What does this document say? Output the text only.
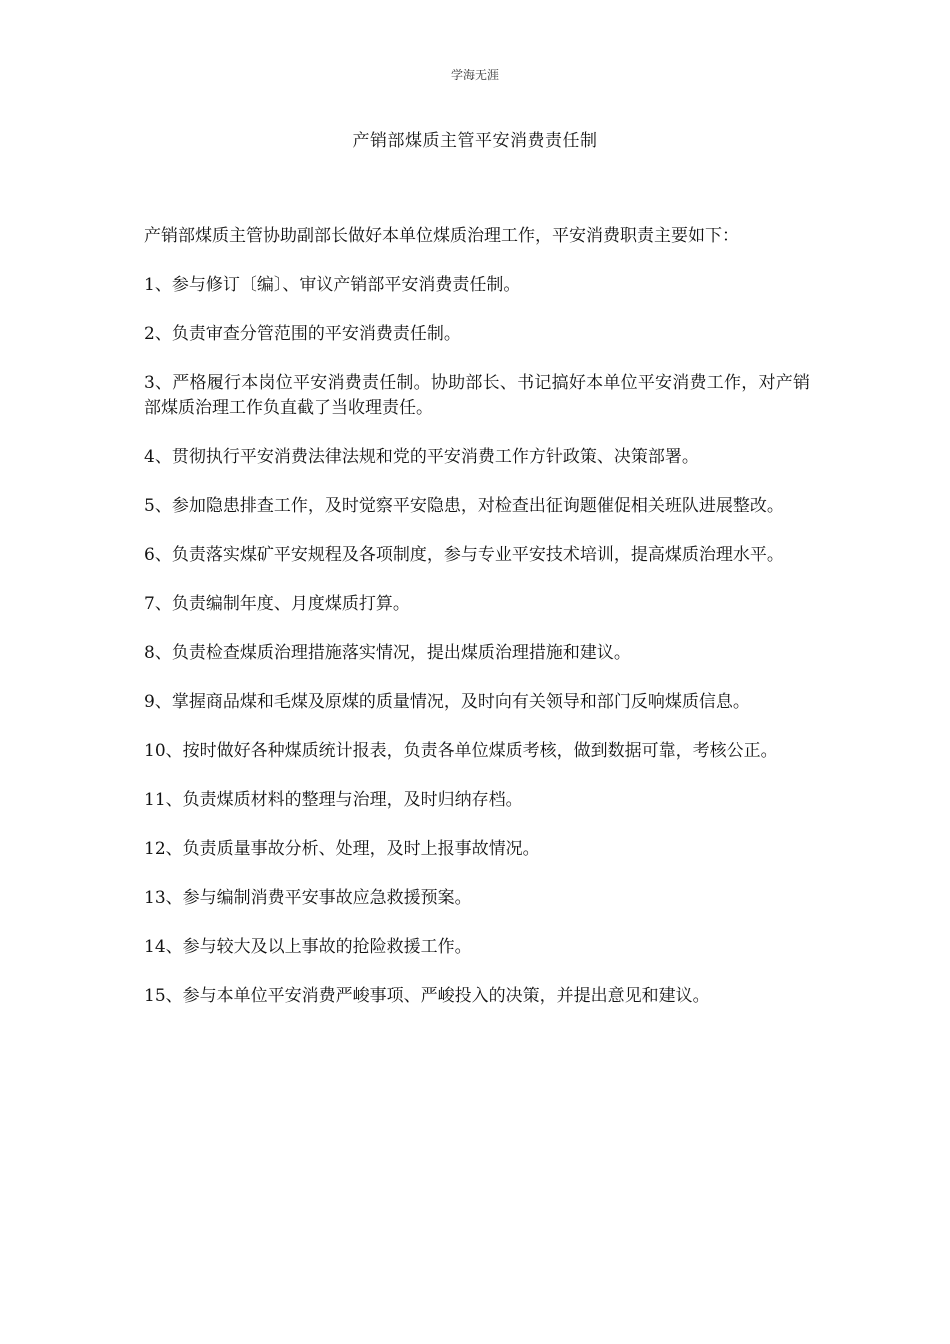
学海无涯
产销部煤质主管平安消费责任制

产销部煤质主管协助副部长做好本单位煤质治理工作，平安消费职责主要如下：

1、参与修订〔编〕、审议产销部平安消费责任制。

2、负责审查分管范围的平安消费责任制。

3、严格履行本岗位平安消费责任制。协助部长、书记搞好本单位平安消费工作，对产销部煤质治理工作负直截了当收理责任。

4、贯彻执行平安消费法律法规和党的平安消费工作方针政策、决策部署。

5、参加隐患排查工作，及时觉察平安隐患，对检查出征询题催促相关班队进展整改。

6、负责落实煤矿平安规程及各项制度，参与专业平安技术培训，提高煤质治理水平。

7、负责编制年度、月度煤质打算。

8、负责检查煤质治理措施落实情况，提出煤质治理措施和建议。

9、掌握商品煤和毛煤及原煤的质量情况，及时向有关领导和部门反响煤质信息。

10、按时做好各种煤质统计报表，负责各单位煤质考核，做到数据可靠，考核公正。

11、负责煤质材料的整理与治理，及时归纳存档。

12、负责质量事故分析、处理，及时上报事故情况。

13、参与编制消费平安事故应急救援预案。

14、参与较大及以上事故的抢险救援工作。

15、参与本单位平安消费严峻事项、严峻投入的决策，并提出意见和建议。
